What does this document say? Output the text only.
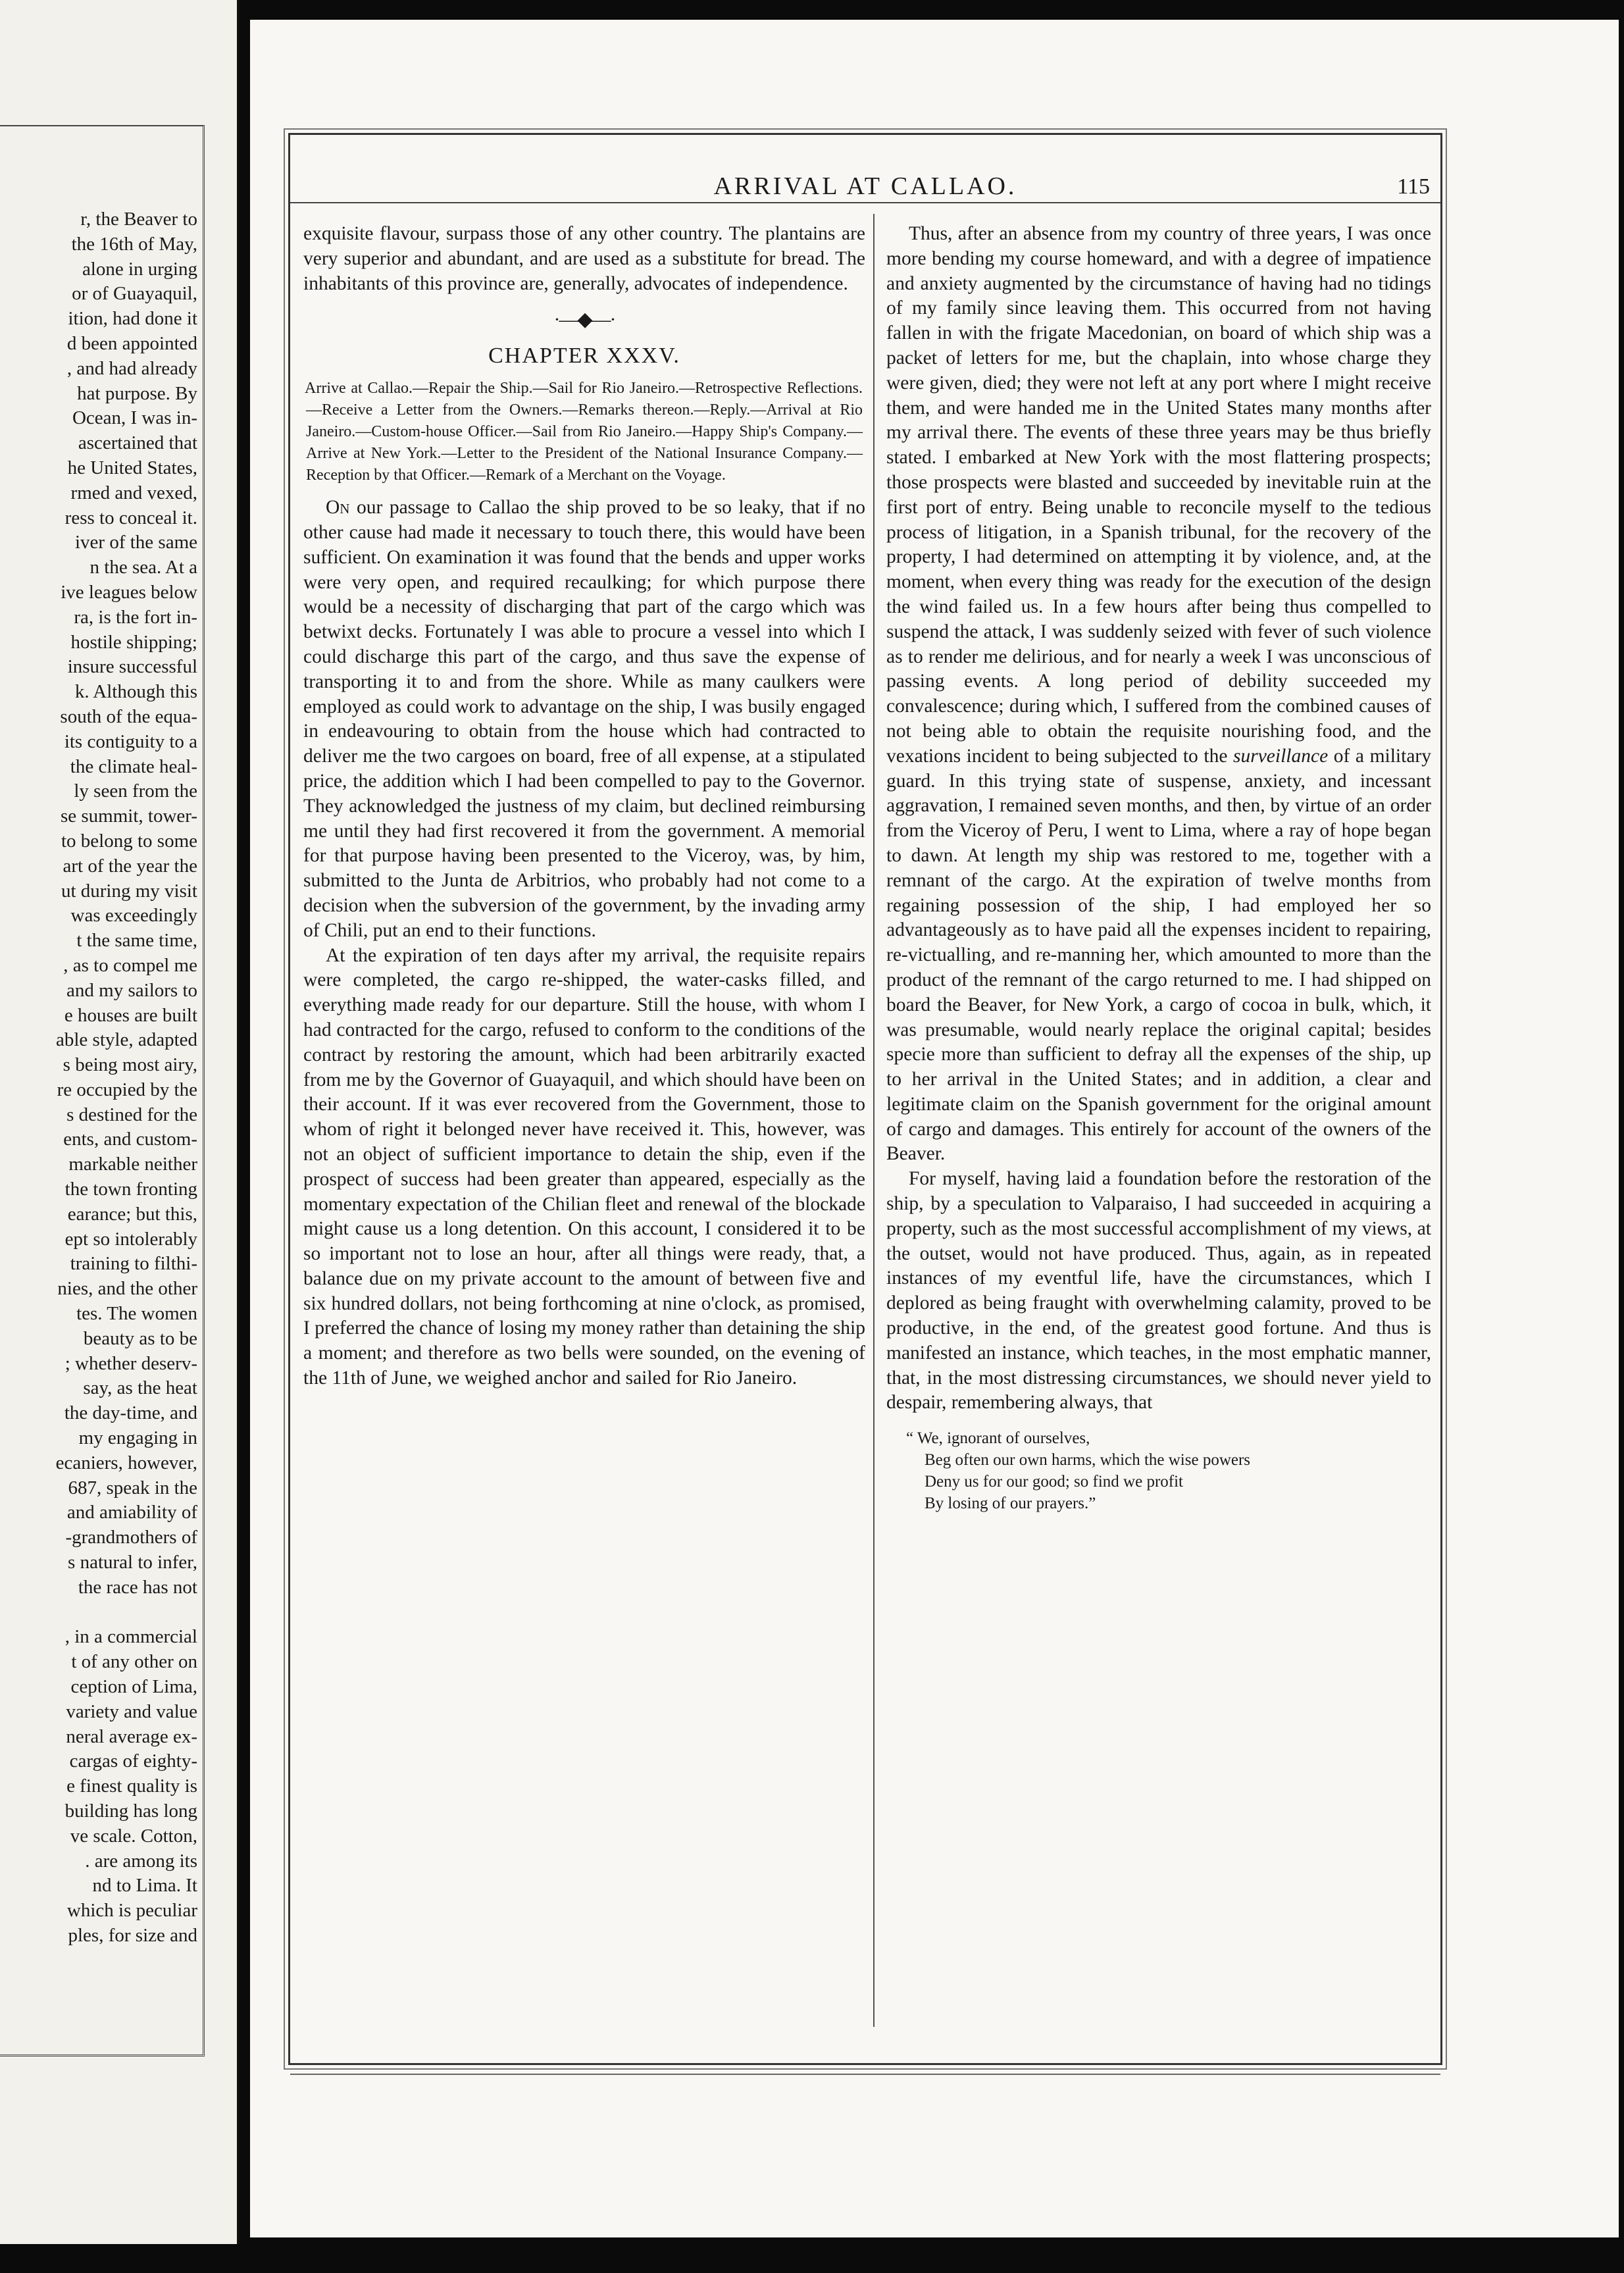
r, the Beaver to
the 16th of May,
alone in urging
or of Guayaquil,
ition, had done it
d been appointed
, and had already
hat purpose. By
Ocean, I was in-
ascertained that
he United States,
rmed and vexed,
ress to conceal it.
iver of the same
n the sea. At a
ive leagues below
ra, is the fort in-
hostile shipping;
insure successful
k. Although this
south of the equa-
its contiguity to a
the climate heal-
ly seen from the
se summit, tower-
to belong to some
art of the year the
ut during my visit
was exceedingly
t the same time,
, as to compel me
and my sailors to
e houses are built
able style, adapted
s being most airy,
re occupied by the
s destined for the
ents, and custom-
markable neither
the town fronting
earance; but this,
ept so intolerably
training to filthi-
nies, and the other
tes. The women
beauty as to be
; whether deserv-
say, as the heat
the day-time, and
my engaging in
ecaniers, however,
687, speak in the
and amiability of
-grandmothers of
s natural to infer,
the race has not
, in a commercial
t of any other on
ception of Lima,
variety and value
neral average ex-
cargas of eighty-
e finest quality is
building has long
ve scale. Cotton,
. are among its
nd to Lima. It
which is peculiar
ples, for size and
ARRIVAL AT CALLAO.	115

exquisite flavour, surpass those of any other country. The plantains are very superior and abundant, and are used as a substitute for bread. The inhabitants of this province are, generally, advocates of independence.

·—◆—·
CHAPTER XXXV.
Arrive at Callao.—Repair the Ship.—Sail for Rio Janeiro.—Retrospective Reflections.—Receive a Letter from the Owners.—Remarks thereon.—Reply.—Arrival at Rio Janeiro.—Custom-house Officer.—Sail from Rio Janeiro.—Happy Ship's Company.—Arrive at New York.—Letter to the President of the National Insurance Company.—Reception by that Officer.—Remark of a Merchant on the Voyage.

On our passage to Callao the ship proved to be so leaky, that if no other cause had made it necessary to touch there, this would have been sufficient. On examination it was found that the bends and upper works were very open, and required recaulking; for which purpose there would be a necessity of discharging that part of the cargo which was betwixt decks. Fortunately I was able to procure a vessel into which I could discharge this part of the cargo, and thus save the expense of transporting it to and from the shore. While as many caulkers were employed as could work to advantage on the ship, I was busily engaged in endeavouring to obtain from the house which had contracted to deliver me the two cargoes on board, free of all expense, at a stipulated price, the addition which I had been compelled to pay to the Governor. They acknowledged the justness of my claim, but declined reimbursing me until they had first recovered it from the government. A memorial for that purpose having been presented to the Viceroy, was, by him, submitted to the Junta de Arbitrios, who probably had not come to a decision when the subversion of the government, by the invading army of Chili, put an end to their functions.

At the expiration of ten days after my arrival, the requisite repairs were completed, the cargo re-shipped, the water-casks filled, and everything made ready for our departure. Still the house, with whom I had contracted for the cargo, refused to conform to the conditions of the contract by restoring the amount, which had been arbitrarily exacted from me by the Governor of Guayaquil, and which should have been on their account. If it was ever recovered from the Government, those to whom of right it belonged never have received it. This, however, was not an object of sufficient importance to detain the ship, even if the prospect of success had been greater than appeared, especially as the momentary expectation of the Chilian fleet and renewal of the blockade might cause us a long detention. On this account, I considered it to be so important not to lose an hour, after all things were ready, that, a balance due on my private account to the amount of between five and six hundred dollars, not being forthcoming at nine o'clock, as promised, I preferred the chance of losing my money rather than detaining the ship a moment; and therefore as two bells were sounded, on the evening of the 11th of June, we weighed anchor and sailed for Rio Janeiro.

Thus, after an absence from my country of three years, I was once more bending my course homeward, and with a degree of impatience and anxiety augmented by the circumstance of having had no tidings of my family since leaving them. This occurred from not having fallen in with the frigate Macedonian, on board of which ship was a packet of letters for me, but the chaplain, into whose charge they were given, died; they were not left at any port where I might receive them, and were handed me in the United States many months after my arrival there. The events of these three years may be thus briefly stated. I embarked at New York with the most flattering prospects; those prospects were blasted and succeeded by inevitable ruin at the first port of entry. Being unable to reconcile myself to the tedious process of litigation, in a Spanish tribunal, for the recovery of the property, I had determined on attempting it by violence, and, at the moment, when every thing was ready for the execution of the design the wind failed us. In a few hours after being thus compelled to suspend the attack, I was suddenly seized with fever of such violence as to render me delirious, and for nearly a week I was unconscious of passing events. A long period of debility succeeded my convalescence; during which, I suffered from the combined causes of not being able to obtain the requisite nourishing food, and the vexations incident to being subjected to the surveillance of a military guard. In this trying state of suspense, anxiety, and incessant aggravation, I remained seven months, and then, by virtue of an order from the Viceroy of Peru, I went to Lima, where a ray of hope began to dawn. At length my ship was restored to me, together with a remnant of the cargo. At the expiration of twelve months from regaining possession of the ship, I had employed her so advantageously as to have paid all the expenses incident to repairing, re-victualling, and re-manning her, which amounted to more than the product of the remnant of the cargo returned to me. I had shipped on board the Beaver, for New York, a cargo of cocoa in bulk, which, it was presumable, would nearly replace the original capital; besides specie more than sufficient to defray all the expenses of the ship, up to her arrival in the United States; and in addition, a clear and legitimate claim on the Spanish government for the original amount of cargo and damages. This entirely for account of the owners of the Beaver.

For myself, having laid a foundation before the restoration of the ship, by a speculation to Valparaiso, I had succeeded in acquiring a property, such as the most successful accomplishment of my views, at the outset, would not have produced. Thus, again, as in repeated instances of my eventful life, have the circumstances, which I deplored as being fraught with overwhelming calamity, proved to be productive, in the end, of the greatest good fortune. And thus is manifested an instance, which teaches, in the most emphatic manner, that, in the most distressing circumstances, we should never yield to despair, remembering always, that

“ We, ignorant of ourselves,
Beg often our own harms, which the wise powers
Deny us for our good; so find we profit
By losing of our prayers.”
